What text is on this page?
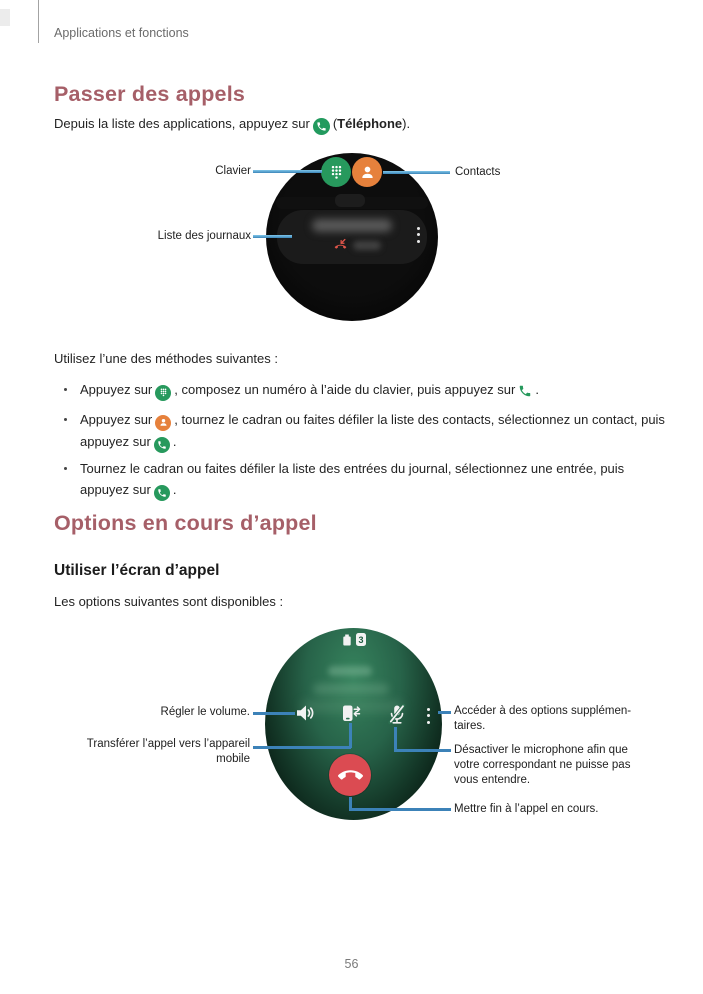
Applications et fonctions
Passer des appels

Depuis la liste des applications, appuyez sur (Téléphone).

Clavier	Contacts
Liste des journaux
Utilisez l’une des méthodes suivantes :
Appuyez sur , composez un numéro à l’aide du clavier, puis appuyez sur .
Appuyez sur , tournez le cadran ou faites défiler la liste des contacts, sélectionnez un contact, puis appuyez sur .
Tournez le cadran ou faites défiler la liste des entrées du journal, sélectionnez une entrée, puis appuyez sur .
Options en cours d’appel
Utiliser l’écran d’appel
Les options suivantes sont disponibles :
3
Régler le volume.
Transférer l’appel vers l’appareil
mobile
Accéder à des options supplémen-
taires.
Désactiver le microphone afin que
votre correspondant ne puisse pas
vous entendre.
Mettre fin à l’appel en cours.
56
